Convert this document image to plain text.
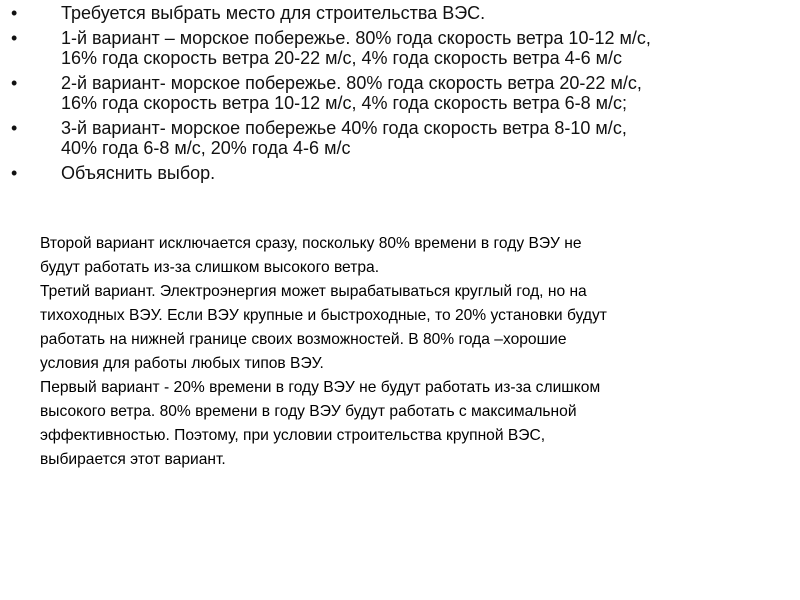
• Требуется выбрать место для строительства ВЭС.
• 1-й вариант – морское побережье. 80% года скорость ветра 10-12 м/с,
16% года скорость ветра 20-22 м/с, 4% года скорость ветра 4-6 м/с
• 2-й вариант- морское побережье. 80% года скорость ветра 20-22 м/с,
16% года скорость ветра 10-12 м/с, 4% года скорость ветра 6-8 м/с;
• 3-й вариант- морское побережье 40% года скорость ветра 8-10 м/с,
40% года 6-8 м/с, 20% года 4-6 м/с
• Объяснить выбор.

Второй вариант исключается сразу, поскольку 80% времени в году ВЭУ не

будут работать из-за слишком высокого ветра.

Третий вариант. Электроэнергия может вырабатываться круглый год, но на

тихоходных ВЭУ. Если ВЭУ крупные и быстроходные, то 20% установки будут

работать на нижней границе своих возможностей. В 80% года –хорошие

условия для работы любых типов ВЭУ.

Первый вариант - 20% времени в году ВЭУ не будут работать из-за слишком

высокого ветра. 80% времени в году ВЭУ будут работать с максимальной

эффективностью. Поэтому, при условии строительства крупной ВЭС,

выбирается этот вариант.
